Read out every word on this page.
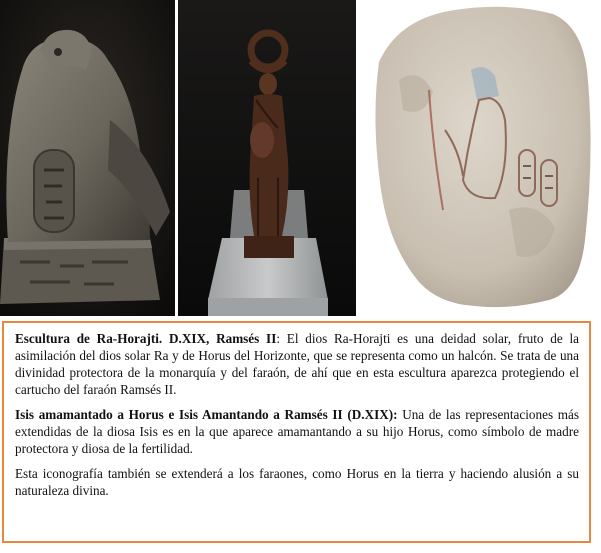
Escultura de Ra-Horajti. D.XIX, Ramsés II: El dios Ra-Horajti es una deidad solar, fruto de la asimilación del dios solar Ra y de Horus del Horizonte, que se representa como un halcón. Se trata de una divinidad protectora de la monarquía y del faraón, de ahí que en esta escultura aparezca protegiendo el cartucho del faraón Ramsés II.

Isis amamantado a Horus e Isis Amantando a Ramsés II (D.XIX): Una de las representaciones más extendidas de la diosa Isis es en la que aparece amamantando a su hijo Horus, como símbolo de madre protectora y diosa de la fertilidad.

Esta iconografía también se extenderá a los faraones, como Horus en la tierra y haciendo alusión a su naturaleza divina.
